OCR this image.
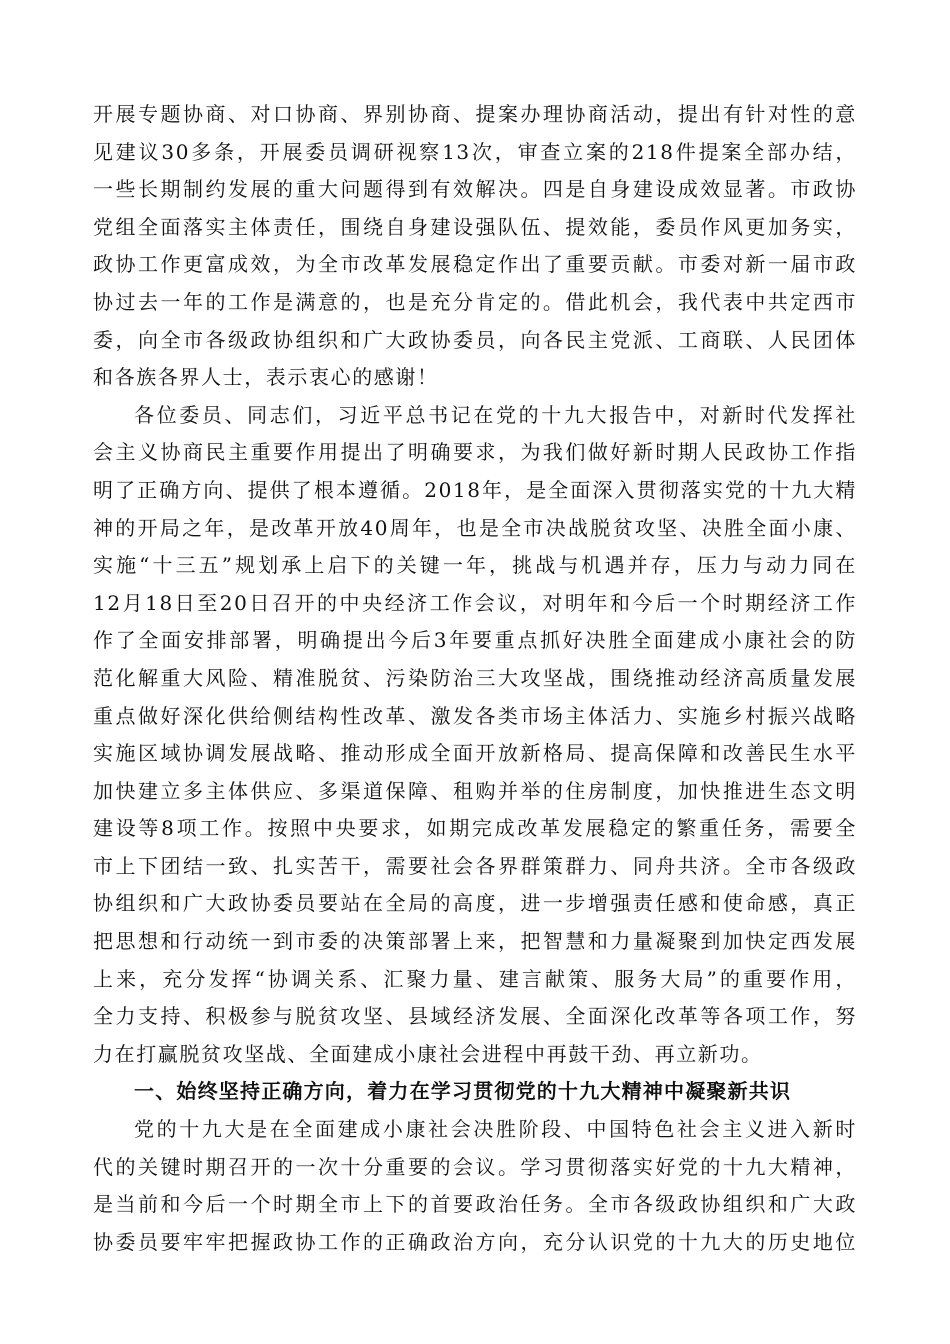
开展专题协商、对口协商、界别协商、提案办理协商活动，提出有针对性的意
见建议30多条，开展委员调研视察13次，审查立案的218件提案全部办结，
一些长期制约发展的重大问题得到有效解决。四是自身建设成效显著。市政协
党组全面落实主体责任，围绕自身建设强队伍、提效能，委员作风更加务实，
政协工作更富成效，为全市改革发展稳定作出了重要贡献。市委对新一届市政
协过去一年的工作是满意的，也是充分肯定的。借此机会，我代表中共定西市
委，向全市各级政协组织和广大政协委员，向各民主党派、工商联、人民团体
和各族各界人士，表示衷心的感谢！
各位委员、同志们，习近平总书记在党的十九大报告中，对新时代发挥社
会主义协商民主重要作用提出了明确要求，为我们做好新时期人民政协工作指
明了正确方向、提供了根本遵循。2018年，是全面深入贯彻落实党的十九大精
神的开局之年，是改革开放40周年，也是全市决战脱贫攻坚、决胜全面小康、
实施“十三五”规划承上启下的关键一年，挑战与机遇并存，压力与动力同在
12月18日至20日召开的中央经济工作会议，对明年和今后一个时期经济工作
作了全面安排部署，明确提出今后3年要重点抓好决胜全面建成小康社会的防
范化解重大风险、精准脱贫、污染防治三大攻坚战，围绕推动经济高质量发展
重点做好深化供给侧结构性改革、激发各类市场主体活力、实施乡村振兴战略
实施区域协调发展战略、推动形成全面开放新格局、提高保障和改善民生水平
加快建立多主体供应、多渠道保障、租购并举的住房制度，加快推进生态文明
建设等8项工作。按照中央要求，如期完成改革发展稳定的繁重任务，需要全
市上下团结一致、扎实苦干，需要社会各界群策群力、同舟共济。全市各级政
协组织和广大政协委员要站在全局的高度，进一步增强责任感和使命感，真正
把思想和行动统一到市委的决策部署上来，把智慧和力量凝聚到加快定西发展
上来，充分发挥“协调关系、汇聚力量、建言献策、服务大局”的重要作用，
全力支持、积极参与脱贫攻坚、县域经济发展、全面深化改革等各项工作，努
力在打赢脱贫攻坚战、全面建成小康社会进程中再鼓干劲、再立新功。
一、始终坚持正确方向，着力在学习贯彻党的十九大精神中凝聚新共识
党的十九大是在全面建成小康社会决胜阶段、中国特色社会主义进入新时
代的关键时期召开的一次十分重要的会议。学习贯彻落实好党的十九大精神，
是当前和今后一个时期全市上下的首要政治任务。全市各级政协组织和广大政
协委员要牢牢把握政协工作的正确政治方向，充分认识党的十九大的历史地位
